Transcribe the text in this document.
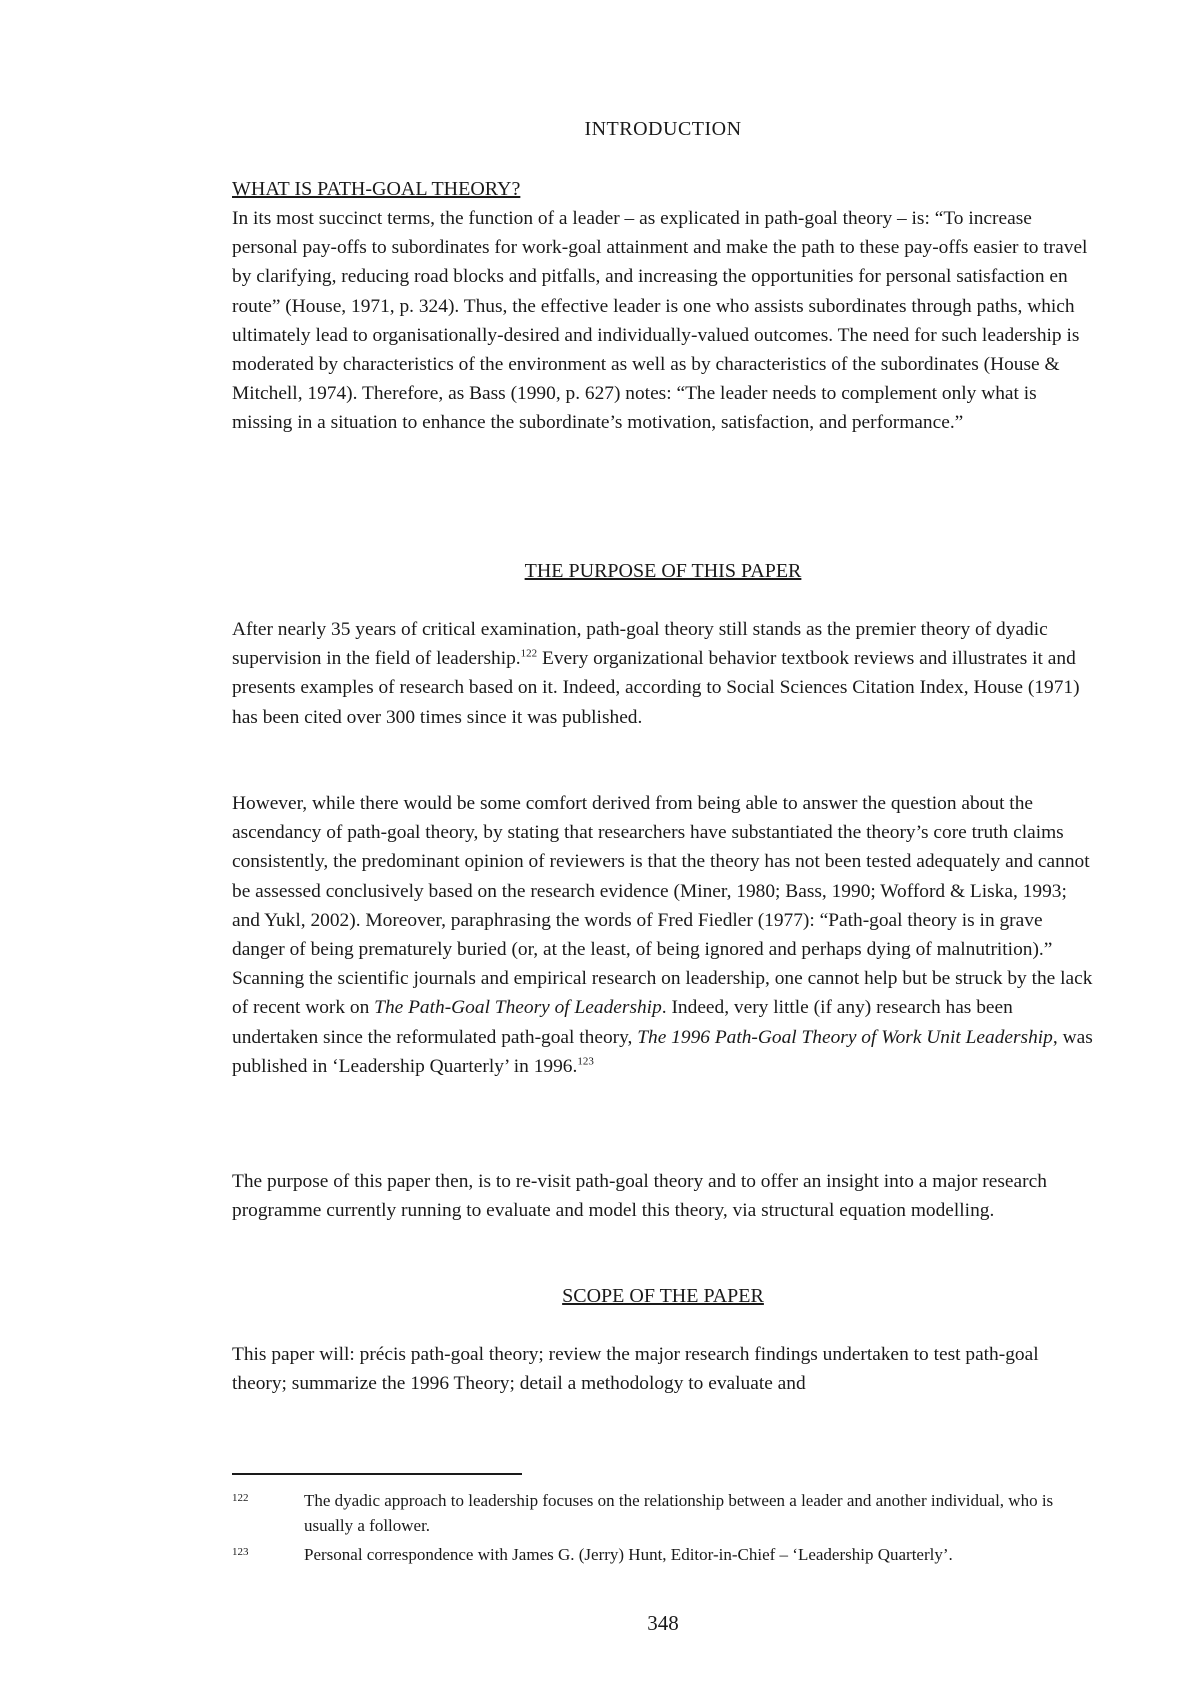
INTRODUCTION
WHAT IS PATH-GOAL THEORY?

In its most succinct terms, the function of a leader – as explicated in path-goal theory – is: “To increase personal pay-offs to subordinates for work-goal attainment and make the path to these pay-offs easier to travel by clarifying, reducing road blocks and pitfalls, and increasing the opportunities for personal satisfaction en route” (House, 1971, p. 324). Thus, the effective leader is one who assists subordinates through paths, which ultimately lead to organisationally-desired and individually-valued outcomes. The need for such leadership is moderated by characteristics of the environment as well as by characteristics of the subordinates (House & Mitchell, 1974). Therefore, as Bass (1990, p. 627) notes: “The leader needs to complement only what is missing in a situation to enhance the subordinate’s motivation, satisfaction, and performance.”

THE PURPOSE OF THIS PAPER

After nearly 35 years of critical examination, path-goal theory still stands as the premier theory of dyadic supervision in the field of leadership.$^{122}$ Every organizational behavior textbook reviews and illustrates it and presents examples of research based on it. Indeed, according to Social Sciences Citation Index, House (1971) has been cited over 300 times since it was published.

However, while there would be some comfort derived from being able to answer the question about the ascendancy of path-goal theory, by stating that researchers have substantiated the theory’s core truth claims consistently, the predominant opinion of reviewers is that the theory has not been tested adequately and cannot be assessed conclusively based on the research evidence (Miner, 1980; Bass, 1990; Wofford & Liska, 1993; and Yukl, 2002). Moreover, paraphrasing the words of Fred Fiedler (1977): “Path-goal theory is in grave danger of being prematurely buried (or, at the least, of being ignored and perhaps dying of malnutrition).” Scanning the scientific journals and empirical research on leadership, one cannot help but be struck by the lack of recent work on The Path-Goal Theory of Leadership. Indeed, very little (if any) research has been undertaken since the reformulated path-goal theory, The 1996 Path-Goal Theory of Work Unit Leadership, was published in ‘Leadership Quarterly’ in 1996.$^{123}$

The purpose of this paper then, is to re-visit path-goal theory and to offer an insight into a major research programme currently running to evaluate and model this theory, via structural equation modelling.

SCOPE OF THE PAPER

This paper will: précis path-goal theory; review the major research findings undertaken to test path-goal theory; summarize the 1996 Theory; detail a methodology to evaluate and

122	The dyadic approach to leadership focuses on the relationship between a leader and another individual, who is usually a follower.
123	Personal correspondence with James G. (Jerry) Hunt, Editor-in-Chief – ‘Leadership Quarterly’.
348
